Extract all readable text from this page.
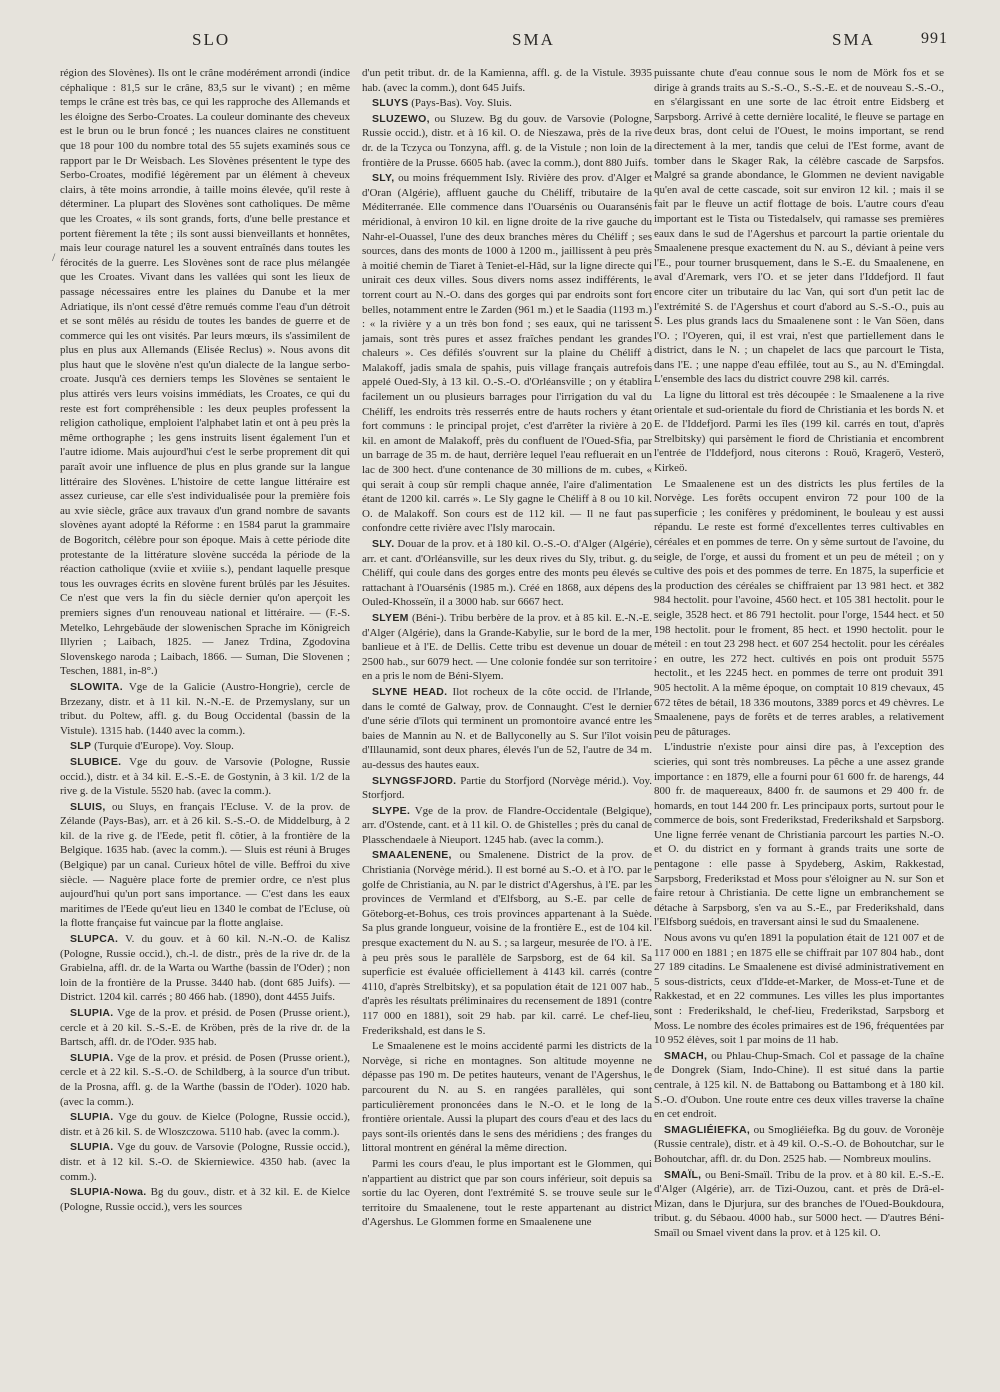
SLO	SMA	SMA	991
/

région des Slovènes). Ils ont le crâne modérément arrondi (indice céphalique : 81,5 sur le crâne, 83,5 sur le vivant) ; en même temps le crâne est très bas, ce qui les rapproche des Allemands et les éloigne des Serbo-Croates. La couleur dominante des cheveux est le brun ou le brun foncé ; les nuances claires ne constituent que 18 pour 100 du nombre total des 55 sujets examinés sous ce rapport par le Dr Weisbach. Les Slovènes présentent le type des Serbo-Croates, modifié légèrement par un élément à cheveux clairs, à tête moins arrondie, à taille moins élevée, qu'il reste à déterminer. La plupart des Slovènes sont catholiques. De même que les Croates, « ils sont grands, forts, d'une belle prestance et portent fièrement la tête ; ils sont aussi bienveillants et honnêtes, mais leur courage naturel les a souvent entraînés dans toutes les férocités de la guerre. Les Slovènes sont de race plus mélangée que les Croates. Vivant dans les vallées qui sont les lieux de passage nécessaires entre les plaines du Danube et la mer Adriatique, ils n'ont cessé d'être remués comme l'eau d'un détroit et se sont mêlés au résidu de toutes les bandes de guerre et de commerce qui les ont visités. Par leurs mœurs, ils s'assimilent de plus en plus aux Allemands (Elisée Reclus) ». Nous avons dit plus haut que le slovène n'est qu'un dialecte de la langue serbo-croate. Jusqu'à ces derniers temps les Slovènes se sentaient le plus attirés vers leurs voisins immédiats, les Croates, ce qui du reste est fort compréhensible : les deux peuples professent la religion catholique, emploient l'alphabet latin et ont à peu près la même orthographe ; les gens instruits lisent également l'un et l'autre idiome. Mais aujourd'hui c'est le serbe proprement dit qui paraît avoir une influence de plus en plus grande sur la langue littéraire des Slovènes. L'histoire de cette langue littéraire est assez curieuse, car elle s'est individualisée pour la première fois au xvie siècle, grâce aux travaux d'un grand nombre de savants slovènes ayant adopté la Réforme : en 1584 parut la grammaire de Bogoritch, célèbre pour son époque. Mais à cette période dite protestante de la littérature slovène succéda la période de la réaction catholique (xviie et xviiie s.), pendant laquelle presque tous les ouvrages écrits en slovène furent brûlés par les Jésuites. Ce n'est que vers la fin du siècle dernier qu'on aperçoit les premiers signes d'un renouveau national et littéraire. — (F.-S. Metelko, Lehrgebäude der slowenischen Sprache im Königreich Illyrien ; Laibach, 1825. — Janez Trdina, Zgodovina Slovenskego naroda ; Laibach, 1866. — Suman, Die Slovenen ; Teschen, 1881, in-8°.)

SLOWITA. Vge de la Galicie (Austro-Hongrie), cercle de Brzezany, distr. et à 11 kil. N.-N.-E. de Przemyslany, sur un tribut. du Poltew, affl. g. du Boug Occidental (bassin de la Vistule). 1315 hab. (1440 avec la comm.).

SLP (Turquie d'Europe). Voy. Sloup.

SLUBICE. Vge du gouv. de Varsovie (Pologne, Russie occid.), distr. et à 34 kil. E.-S.-E. de Gostynin, à 3 kil. 1/2 de la rive g. de la Vistule. 5520 hab. (avec la comm.).

SLUIS, ou Sluys, en français l'Ecluse. V. de la prov. de Zélande (Pays-Bas), arr. et à 26 kil. S.-S.-O. de Middelburg, à 2 kil. de la rive g. de l'Eede, petit fl. côtier, à la frontière de la Belgique. 1635 hab. (avec la comm.). — Sluis est réuni à Bruges (Belgique) par un canal. Curieux hôtel de ville. Beffroi du xive siècle. — Naguère place forte de premier ordre, ce n'est plus aujourd'hui qu'un port sans importance. — C'est dans les eaux maritimes de l'Eede qu'eut lieu en 1340 le combat de l'Ecluse, où la flotte française fut vaincue par la flotte anglaise.

SLUPCA. V. du gouv. et à 60 kil. N.-N.-O. de Kalisz (Pologne, Russie occid.), ch.-l. de distr., près de la rive dr. de la Grabielna, affl. dr. de la Warta ou Warthe (bassin de l'Oder) ; non loin de la frontière de la Prusse. 3440 hab. (dont 685 Juifs). — District. 1204 kil. carrés ; 80 466 hab. (1890), dont 4455 Juifs.

SLUPIA. Vge de la prov. et présid. de Posen (Prusse orient.), cercle et à 20 kil. S.-S.-E. de Kröben, près de la rive dr. de la Bartsch, affl. dr. de l'Oder. 935 hab.

SLUPIA. Vge de la prov. et présid. de Posen (Prusse orient.), cercle et à 22 kil. S.-S.-O. de Schildberg, à la source d'un tribut. de la Prosna, affl. g. de la Warthe (bassin de l'Oder). 1020 hab. (avec la comm.).

SLUPIA. Vge du gouv. de Kielce (Pologne, Russie occid.), distr. et à 26 kil. S. de Wloszczowa. 5110 hab. (avec la comm.).

SLUPIA. Vge du gouv. de Varsovie (Pologne, Russie occid.), distr. et à 12 kil. S.-O. de Skierniewice. 4350 hab. (avec la comm.).

SLUPIA-Nowa. Bg du gouv., distr. et à 32 kil. E. de Kielce (Pologne, Russie occid.), vers les sources

d'un petit tribut. dr. de la Kamienna, affl. g. de la Vistule. 3935 hab. (avec la comm.), dont 645 Juifs.

SLUYS (Pays-Bas). Voy. Sluis.

SLUZEWO, ou Sluzew. Bg du gouv. de Varsovie (Pologne, Russie occid.), distr. et à 16 kil. O. de Nieszawa, près de la rive dr. de la Tczyca ou Tonzyna, affl. g. de la Vistule ; non loin de la frontière de la Prusse. 6605 hab. (avec la comm.), dont 880 Juifs.

SLY, ou moins fréquemment Isly. Rivière des prov. d'Alger et d'Oran (Algérie), affluent gauche du Chéliff, tributaire de la Méditerranée. Elle commence dans l'Ouarsénis ou Ouaransénis méridional, à environ 10 kil. en ligne droite de la rive gauche du Nahr-el-Ouassel, l'une des deux branches mères du Chéliff ; ses sources, dans des monts de 1000 à 1200 m., jaillissent à peu près à moitié chemin de Tiaret à Teniet-el-Hâd, sur la ligne directe qui unirait ces deux villes. Sous divers noms assez indifférents, le torrent court au N.-O. dans des gorges qui par endroits sont fort belles, notamment entre le Zarden (961 m.) et le Saadia (1193 m.) : « la rivière y a un très bon fond ; ses eaux, qui ne tarissent jamais, sont très pures et assez fraîches pendant les grandes chaleurs ». Ces défilés s'ouvrent sur la plaine du Chéliff à Malakoff, jadis smala de spahis, puis village français autrefois appelé Oued-Sly, à 13 kil. O.-S.-O. d'Orléansville ; on y établira facilement un ou plusieurs barrages pour l'irrigation du val du Chéliff, les endroits très resserrés entre de hauts rochers y étant fort communs : le principal projet, c'est d'arrêter la rivière à 20 kil. en amont de Malakoff, près du confluent de l'Oued-Sfia, par un barrage de 35 m. de haut, derrière lequel l'eau refluerait en un lac de 300 hect. d'une contenance de 30 millions de m. cubes, « qui serait à coup sûr rempli chaque année, l'aire d'alimentation étant de 1200 kil. carrés ». Le Sly gagne le Chéliff à 8 ou 10 kil. O. de Malakoff. Son cours est de 112 kil. — Il ne faut pas confondre cette rivière avec l'Isly marocain.

SLY. Douar de la prov. et à 180 kil. O.-S.-O. d'Alger (Algérie), arr. et cant. d'Orléansville, sur les deux rives du Sly, tribut. g. du Chéliff, qui coule dans des gorges entre des monts peu élevés se rattachant à l'Ouarsénis (1985 m.). Créé en 1868, aux dépens des Ouled-Khosseïn, il a 3000 hab. sur 6667 hect.

SLYEM (Béni-). Tribu berbère de la prov. et à 85 kil. E.-N.-E. d'Alger (Algérie), dans la Grande-Kabylie, sur le bord de la mer, banlieue et à l'E. de Dellis. Cette tribu est devenue un douar de 2500 hab., sur 6079 hect. — Une colonie fondée sur son territoire en a pris le nom de Béni-Slyem.

SLYNE HEAD. Ilot rocheux de la côte occid. de l'Irlande, dans le comté de Galway, prov. de Connaught. C'est le dernier d'une série d'îlots qui terminent un promontoire avancé entre les baies de Mannin au N. et de Ballyconelly au S. Sur l'îlot voisin d'Illaunamid, sont deux phares, élevés l'un de 52, l'autre de 34 m. au-dessus des hautes eaux.

SLYNGSFJORD. Partie du Storfjord (Norvège mérid.). Voy. Storfjord.

SLYPE. Vge de la prov. de Flandre-Occidentale (Belgique), arr. d'Ostende, cant. et à 11 kil. O. de Ghistelles ; près du canal de Plasschendaele à Nieuport. 1245 hab. (avec la comm.).

SMAALENENE, ou Smalenene. District de la prov. de Christiania (Norvège mérid.). Il est borné au S.-O. et à l'O. par le golfe de Christiania, au N. par le district d'Agershus, à l'E. par les provinces de Vermland et d'Elfsborg, au S.-E. par celle de Göteborg-et-Bohus, ces trois provinces appartenant à la Suède. Sa plus grande longueur, voisine de la frontière E., est de 104 kil. presque exactement du N. au S. ; sa largeur, mesurée de l'O. à l'E. à peu près sous le parallèle de Sarpsborg, est de 64 kil. Sa superficie est évaluée officiellement à 4143 kil. carrés (contre 4110, d'après Strelbitsky), et sa population était de 121 007 hab., d'après les résultats préliminaires du recensement de 1891 (contre 117 000 en 1881), soit 29 hab. par kil. carré. Le chef-lieu, Frederikshald, est dans le S.

Le Smaalenene est le moins accidenté parmi les districts de la Norvège, si riche en montagnes. Son altitude moyenne ne dépasse pas 190 m. De petites hauteurs, venant de l'Agershus, le parcourent du N. au S. en rangées parallèles, qui sont particulièrement prononcées dans le N.-O. et le long de la frontière orientale. Aussi la plupart des cours d'eau et des lacs du pays sont-ils orientés dans le sens des méridiens ; des franges du littoral montrent en général la même direction.

Parmi les cours d'eau, le plus important est le Glommen, qui n'appartient au district que par son cours inférieur, soit depuis sa sortie du lac Oyeren, dont l'extrémité S. se trouve seule sur le territoire du Smaalenene, tout le reste appartenant au district d'Agershus. Le Glommen forme en Smaalenene une

puissante chute d'eau connue sous le nom de Mörk fos et se dirige à grands traits au S.-S.-O., S.-S.-E. et de nouveau S.-S.-O., en s'élargissant en une sorte de lac étroit entre Eidsberg et Sarpsborg. Arrivé à cette dernière localité, le fleuve se partage en deux bras, dont celui de l'Ouest, le moins important, se rend directement à la mer, tandis que celui de l'Est forme, avant de tomber dans le Skager Rak, la célèbre cascade de Sarpsfos. Malgré sa grande abondance, le Glommen ne devient navigable qu'en aval de cette cascade, soit sur environ 12 kil. ; mais il se fait par le fleuve un actif flottage de bois. L'autre cours d'eau important est le Tista ou Tistedalselv, qui ramasse ses premières eaux dans le sud de l'Agershus et parcourt la partie orientale du Smaalenene presque exactement du N. au S., déviant à peine vers l'E., pour tourner brusquement, dans le S.-E. du Smaalenene, en aval d'Aremark, vers l'O. et se jeter dans l'Iddefjord. Il faut encore citer un tributaire du lac Van, qui sort d'un petit lac de l'extrémité S. de l'Agershus et court d'abord au S.-S.-O., puis au S. Les plus grands lacs du Smaalenene sont : le Van Söen, dans l'O. ; l'Oyeren, qui, il est vrai, n'est que partiellement dans le district, dans le N. ; un chapelet de lacs que parcourt le Tista, dans l'E. ; une nappe d'eau effilée, tout au S., au N. d'Emingdal. L'ensemble des lacs du district couvre 298 kil. carrés.

La ligne du littoral est très découpée : le Smaalenene a la rive orientale et sud-orientale du fiord de Christiania et les bords N. et E. de l'Iddefjord. Parmi les îles (199 kil. carrés en tout, d'après Strelbitsky) qui parsèment le fiord de Christiania et encombrent l'entrée de l'Iddefjord, nous citerons : Rouö, Kragerö, Vesterö, Kirkeö.

Le Smaalenene est un des districts les plus fertiles de la Norvège. Les forêts occupent environ 72 pour 100 de la superficie ; les conifères y prédominent, le bouleau y est aussi répandu. Le reste est formé d'excellentes terres cultivables en céréales et en pommes de terre. On y sème surtout de l'avoine, du seigle, de l'orge, et aussi du froment et un peu de méteil ; on y cultive des pois et des pommes de terre. En 1875, la superficie et la production des céréales se chiffraient par 13 981 hect. et 382 984 hectolit. pour l'avoine, 4560 hect. et 105 381 hectolit. pour le seigle, 3528 hect. et 86 791 hectolit. pour l'orge, 1544 hect. et 50 198 hectolit. pour le froment, 85 hect. et 1990 hectolit. pour le méteil : en tout 23 298 hect. et 607 254 hectolit. pour les céréales ; en outre, les 272 hect. cultivés en pois ont produit 5575 hectolit., et les 2245 hect. en pommes de terre ont produit 391 905 hectolit. A la même époque, on comptait 10 819 chevaux, 45 672 têtes de bétail, 18 336 moutons, 3389 porcs et 49 chèvres. Le Smaalenene, pays de forêts et de terres arables, a relativement peu de pâturages.

L'industrie n'existe pour ainsi dire pas, à l'exception des scieries, qui sont très nombreuses. La pêche a une assez grande importance : en 1879, elle a fourni pour 61 600 fr. de harengs, 44 800 fr. de maquereaux, 8400 fr. de saumons et 29 400 fr. de homards, en tout 144 200 fr. Les principaux ports, surtout pour le commerce de bois, sont Frederikstad, Frederikshald et Sarpsborg. Une ligne ferrée venant de Christiania parcourt les parties N.-O. et O. du district en y formant à grands traits une sorte de pentagone : elle passe à Spydeberg, Askim, Rakkestad, Sarpsborg, Frederikstad et Moss pour s'éloigner au N. sur Son et faire retour à Christiania. De cette ligne un embranchement se détache à Sarpsborg, s'en va au S.-E., par Frederikshald, dans l'Elfsborg suédois, en traversant ainsi le sud du Smaalenene.

Nous avons vu qu'en 1891 la population était de 121 007 et de 117 000 en 1881 ; en 1875 elle se chiffrait par 107 804 hab., dont 27 189 citadins. Le Smaalenene est divisé administrativement en 5 sous-districts, ceux d'Idde-et-Marker, de Moss-et-Tune et de Rakkestad, et en 22 communes. Les villes les plus importantes sont : Frederikshald, le chef-lieu, Frederikstad, Sarpsborg et Moss. Le nombre des écoles primaires est de 196, fréquentées par 10 952 élèves, soit 1 par moins de 11 hab.

SMACH, ou Phlau-Chup-Smach. Col et passage de la chaîne de Dongrek (Siam, Indo-Chine). Il est situé dans la partie centrale, à 125 kil. N. de Battabong ou Battambong et à 180 kil. S.-O. d'Oubon. Une route entre ces deux villes traverse la chaîne en cet endroit.

SMAGLIÉIEFKA, ou Smogliéiefka. Bg du gouv. de Voronèje (Russie centrale), distr. et à 49 kil. O.-S.-O. de Bohoutchar, sur le Bohoutchar, affl. dr. du Don. 2525 hab. — Nombreux moulins.

SMAÏL, ou Beni-Smaïl. Tribu de la prov. et à 80 kil. E.-S.-E. d'Alger (Algérie), arr. de Tizi-Ouzou, cant. et près de Drâ-el-Mizan, dans le Djurjura, sur des branches de l'Oued-Boukdoura, tribut. g. du Sébaou. 4000 hab., sur 5000 hect. — D'autres Béni-Smaïl ou Smael vivent dans la prov. et à 125 kil. O.
